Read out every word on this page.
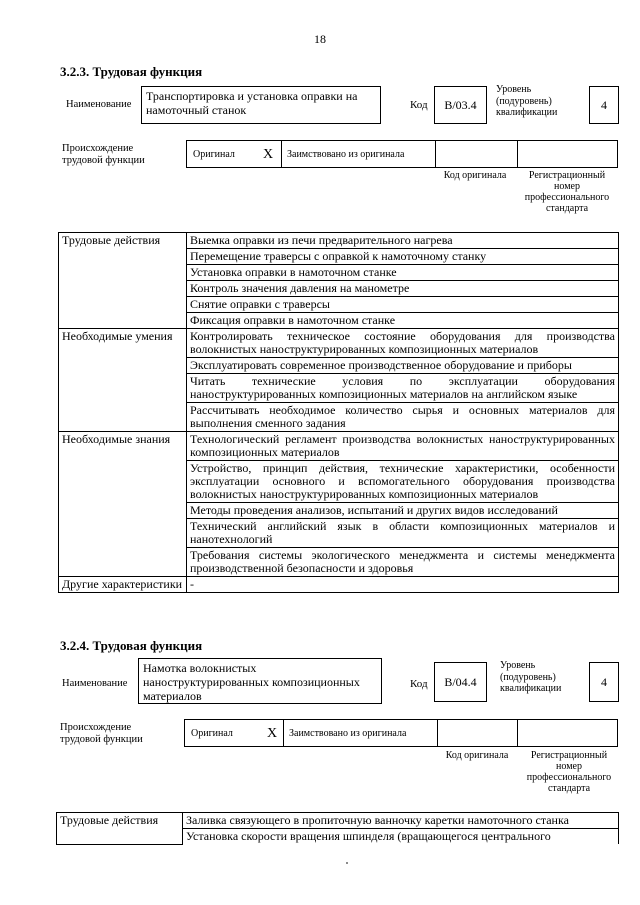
18
3.2.3. Трудовая функция
Наименование
Транспортировка и установка оправки на намоточный станок	Код	B/03.4
Уровень (подуровень) квалификации
4
Происхождение трудовой функции
Оригинал X Заимствовано из оригинала
Код оригинала	Регистрационный номер профессионального стандарта
Трудовые действия	Выемка оправки из печи предварительного нагрева
	Перемещение траверсы с оправкой к намоточному станку
	Установка оправки в намоточном станке
	Контроль значения давления на манометре
	Снятие оправки с траверсы
	Фиксация оправки в намоточном станке
Необходимые умения	Контролировать техническое состояние оборудования для производства волокнистых наноструктурированных композиционных материалов
	Эксплуатировать современное производственное оборудование и приборы
	Читать технические условия по эксплуатации оборудования наноструктурированных композиционных материалов на английском языке
	Рассчитывать необходимое количество сырья и основных материалов для выполнения сменного задания
Необходимые знания	Технологический регламент производства волокнистых наноструктурированных композиционных материалов
	Устройство, принцип действия, технические характеристики, особенности эксплуатации основного и вспомогательного оборудования производства волокнистых наноструктурированных композиционных материалов
	Методы проведения анализов, испытаний и других видов исследований
	Технический английский язык в области композиционных материалов и нанотехнологий
	Требования системы экологического менеджмента и системы менеджмента производственной безопасности и здоровья
Другие характеристики	-
3.2.4. Трудовая функция
Наименование
Намотка волокнистых наноструктурированных композиционных материалов
Код	B/04.4
Уровень (подуровень) квалификации	4
Происхождение трудовой функции
Оригинал X Заимствовано из оригинала
Код оригинала	Регистрационный номер профессионального стандарта
Трудовые действия	Заливка связующего в пропиточную ванночку каретки намоточного станка
Установка скорости вращения шпинделя (вращающегося центрального
